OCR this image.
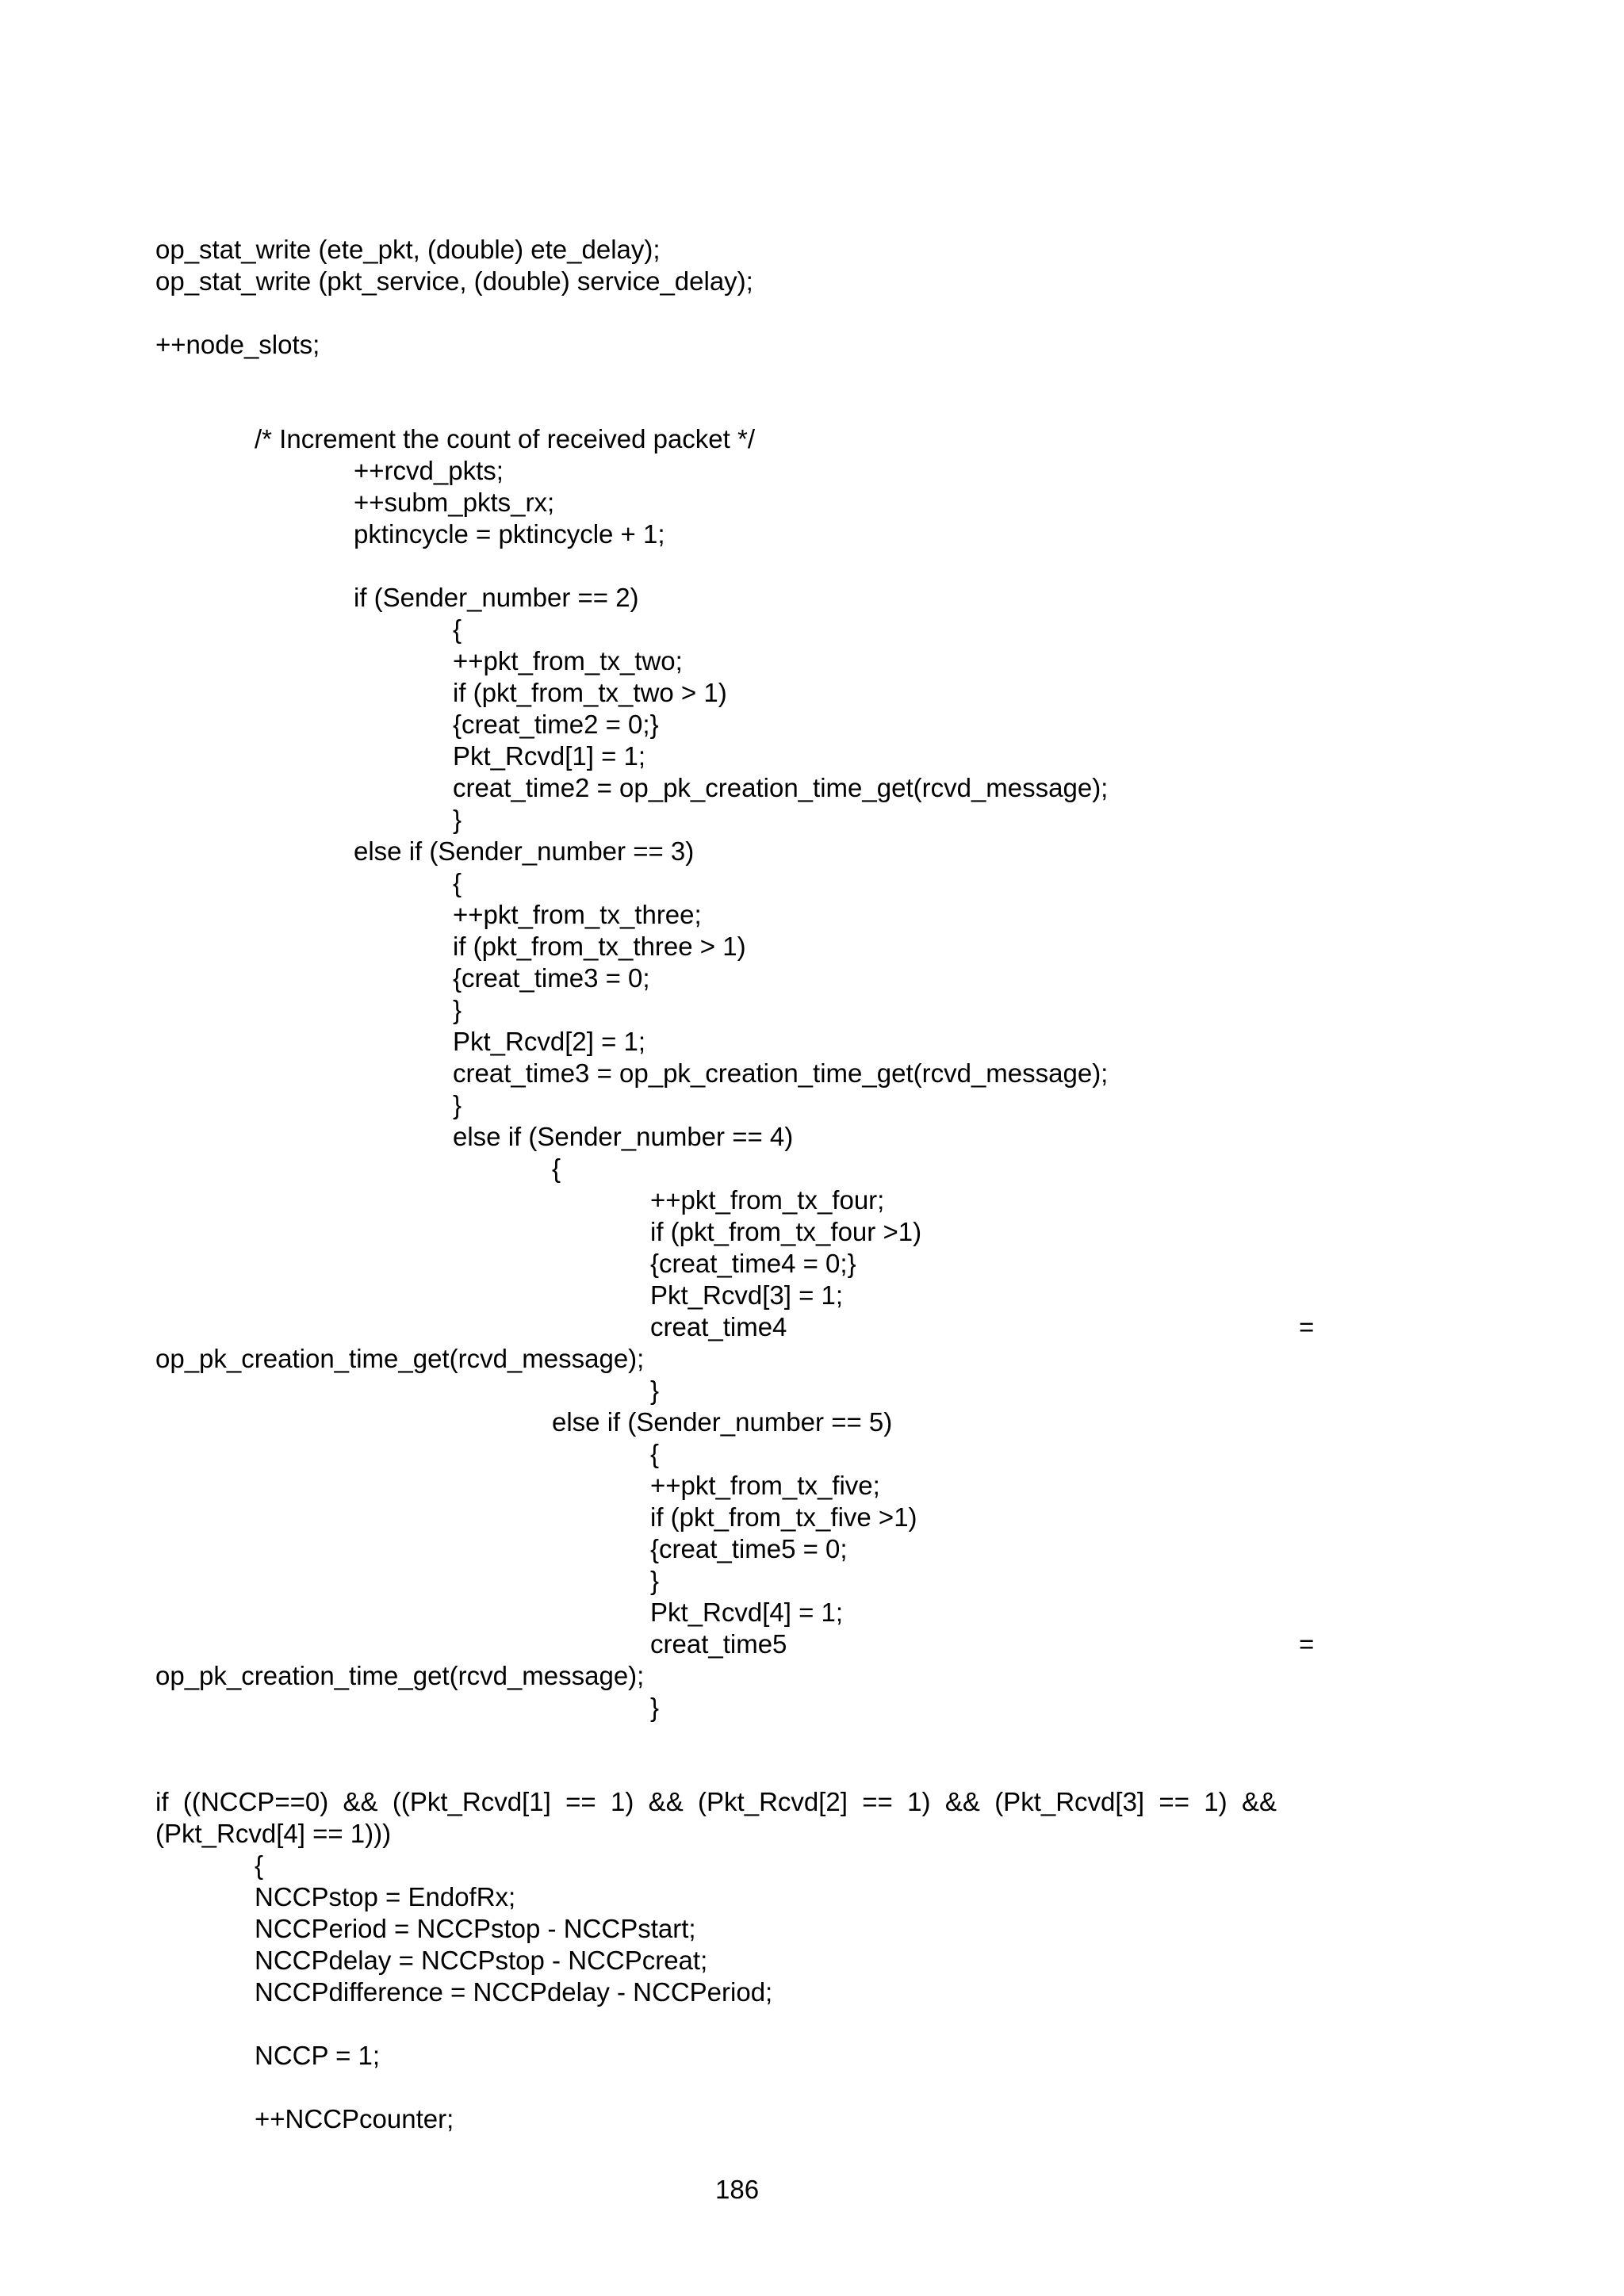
op_stat_write (ete_pkt, (double) ete_delay);
op_stat_write (pkt_service, (double) service_delay);
++node_slots;
/* Increment the count of received packet */
++rcvd_pkts;
++subm_pkts_rx;
pktincycle = pktincycle + 1;
if (Sender_number == 2)
{
++pkt_from_tx_two;
if (pkt_from_tx_two > 1)
{creat_time2 = 0;}
Pkt_Rcvd[1] = 1;
creat_time2 = op_pk_creation_time_get(rcvd_message);
}
else if (Sender_number == 3)
{
++pkt_from_tx_three;
if (pkt_from_tx_three > 1)
{creat_time3 = 0;
}
Pkt_Rcvd[2] = 1;
creat_time3 = op_pk_creation_time_get(rcvd_message);
}
else if (Sender_number == 4)
{
++pkt_from_tx_four;
if (pkt_from_tx_four >1)
{creat_time4 = 0;}
Pkt_Rcvd[3] = 1;
creat_time4
op_pk_creation_time_get(rcvd_message);
}
else if (Sender_number == 5)
{
++pkt_from_tx_five;
if (pkt_from_tx_five >1)
{creat_time5 = 0;
}
Pkt_Rcvd[4] = 1;
creat_time5
op_pk_creation_time_get(rcvd_message);
}
if  ((NCCP==0)  &&  ((Pkt_Rcvd[1]  ==  1)  &&  (Pkt_Rcvd[2]  ==  1)  &&  (Pkt_Rcvd[3]  ==  1)  &&
(Pkt_Rcvd[4] == 1)))
{
NCCPstop = EndofRx;
NCCPeriod = NCCPstop - NCCPstart;
NCCPdelay = NCCPstop - NCCPcreat;
NCCPdifference = NCCPdelay - NCCPeriod;
NCCP = 1;
++NCCPcounter;
=
=
186
